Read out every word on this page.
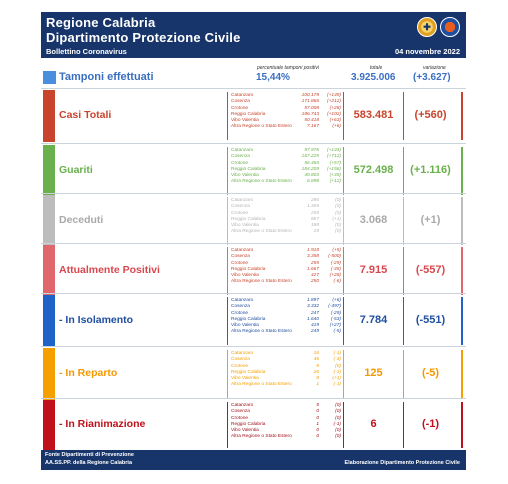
Regione Calabria
Dipartimento Protezione Civile
✚
Bollettino Coronavirus	04 novembre 2022
percentuale tamponi positivi	totale	variazione
Tamponi effettuati	15,44%	3.925.006 (+3.627)
Casi Totali
Catanzaro	100.179 (+149)
Cosenza	171.866 (+212)
Crotone	57.008 (+28)
Reggio Calabria	186.743 (+102)
Vibo Valentia	50.418 (+63)
Altra Regione o Stato Estero	7.167	(+6)
583.481	(+560)
Guariti
Catanzaro	97.976 (+144)
Cosenza	167.229 (+712)
Crotone	56.465 (+57)
Reggio Calabria	184.209 (+156)
Vibo Valentia	49.803 (+35)
Altra Regione o Stato Estero	6.898 (+12)
572.498	(+1.116)
Deceduti
Catanzaro	286	(0)
Cosenza	1.305	(0)
Crotone	255	(0)
Reggio Calabria	867	(+1)
Vibo Valentia	188	(0)
Altra Regione o Stato Estero	19	(0)
3.068	(+1)
Attualmente Positivi
Catanzaro	1.918	(+5)
Cosenza	3.358 (-500)
Crotone	255 (-29)
Reggio Calabria	1.667 (-35)
Vibo Valentia	427 (+28)
Altra Regione o Stato Estero	250	(-6)
7.915	(-557)
- In Isolamento
Catanzaro	1.897	(+6)
Cosenza	3.332 (-497)
Crotone	247 (-29)
Reggio Calabria	1.640 (-53)
Vibo Valentia	419 (+27)
Altra Regione o Stato Estero	249	(-5)
7.784	(-551)
- In Reparto
Catanzaro	16	(-1)
Cosenza	46	(-3)
Crotone	8	(0)
Reggio Calabria	26	(-1)
Vibo Valentia	8	(+1)
Altra Regione o Stato Estero	1	(-1)
125	(-5)
- In Rianimazione
Catanzaro	5	(0)
Cosenza	0	(0)
Crotone	0	(0)
Reggio Calabria	1	(-1)
Vibo Valentia	0	(0)
Altra Regione o Stato Estero	0	(0)
6	(-1)
Fonte Dipartimenti di Prevenzione
AA.SS.PP. della Regione Calabria	Elaborazione Dipartimento Protezione Civile
